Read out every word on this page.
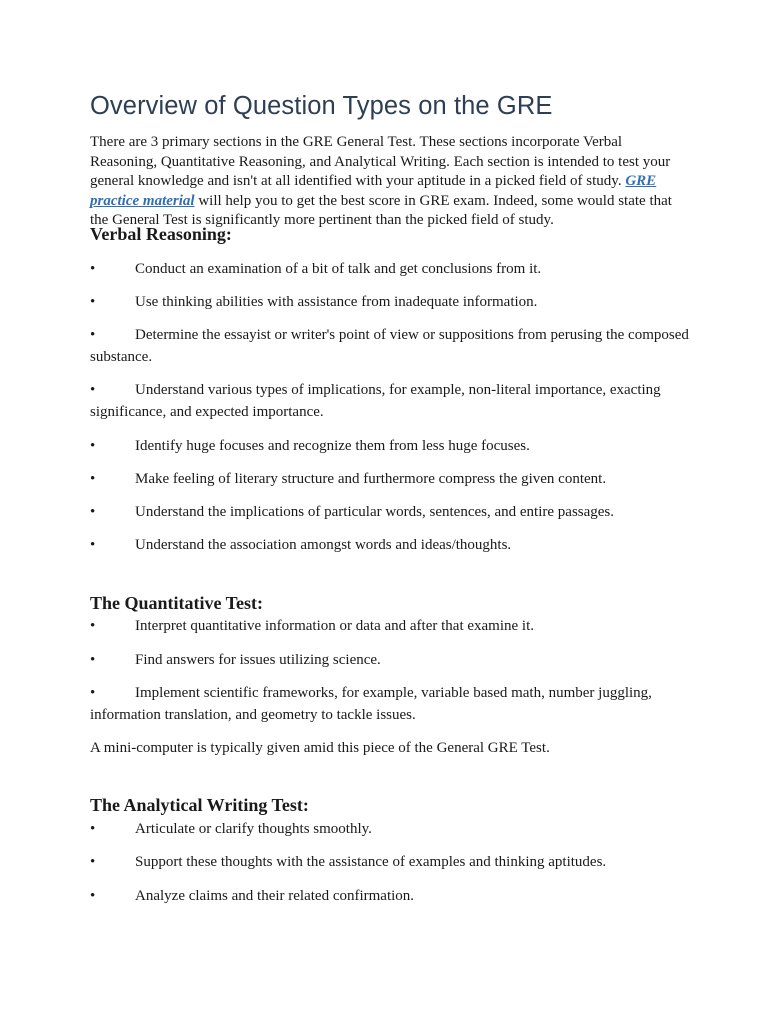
Overview of Question Types on the GRE

There are 3 primary sections in the GRE General Test. These sections incorporate Verbal Reasoning, Quantitative Reasoning, and Analytical Writing. Each section is intended to test your general knowledge and isn't at all identified with your aptitude in a picked field of study. GRE practice material will help you to get the best score in GRE exam. Indeed, some would state that the General Test is significantly more pertinent than the picked field of study.

Verbal Reasoning:

•	Conduct an examination of a bit of talk and get conclusions from it.

•	Use thinking abilities with assistance from inadequate information.

•	Determine the essayist or writer's point of view or suppositions from perusing the composed substance.

•	Understand various types of implications, for example, non-literal importance, exacting significance, and expected importance.

•	Identify huge focuses and recognize them from less huge focuses.

•	Make feeling of literary structure and furthermore compress the given content.

•	Understand the implications of particular words, sentences, and entire passages.

•	Understand the association amongst words and ideas/thoughts.

The Quantitative Test:

•	Interpret quantitative information or data and after that examine it.

•	Find answers for issues utilizing science.

•	Implement scientific frameworks, for example, variable based math, number juggling, information translation, and geometry to tackle issues.

A mini-computer is typically given amid this piece of the General GRE Test.

The Analytical Writing Test:

•	Articulate or clarify thoughts smoothly.

•	Support these thoughts with the assistance of examples and thinking aptitudes.

•	Analyze claims and their related confirmation.
